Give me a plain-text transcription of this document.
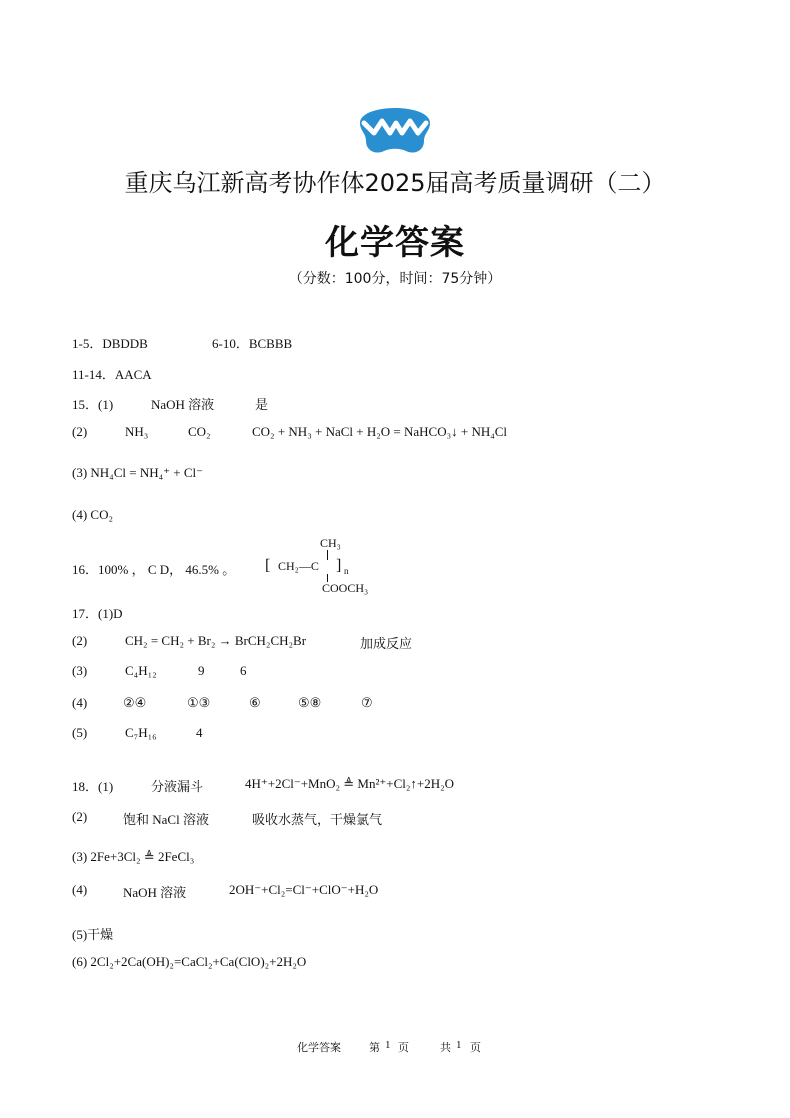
重庆乌江新高考协作体2025届高考质量调研（二）
化学答案
（分数：100分，时间：75分钟）
1-5．DBDDB	6-10．BCBBB
11-14．AACA
15．(1)	NaOH 溶液	是
(2)	NH₃	CO₂	CO₂ + NH₃ + NaCl + H₂O = NaHCO₃↓ + NH₄Cl
(3) NH₄Cl = NH₄⁺ + Cl⁻
(4) CO₂
16．100% ， C D， 46.5% 。
CH₃
[ CH₂—C ] n
COOCH₃
17．(1)D
(2)	CH₂ = CH₂ + Br₂ → BrCH₂CH₂Br	加成反应
(3)	C₄H₁₂	9	6
(4)	②④	①③	⑥	⑤⑧	⑦
(5)	C₇H₁₆	4
18．(1)	分液漏斗	4H⁺+2Cl⁻+MnO₂ ≜ Mn²⁺+Cl₂↑+2H₂O
(2)	饱和 NaCl 溶液	吸收水蒸气，干燥氯气
(3) 2Fe+3Cl₂ ≜ 2FeCl₃
(4)	NaOH 溶液	2OH⁻+Cl₂=Cl⁻+ClO⁻+H₂O
(5)干燥
(6) 2Cl₂+2Ca(OH)₂=CaCl₂+Ca(ClO)₂+2H₂O
化学答案	第 1 页	共 1 页
